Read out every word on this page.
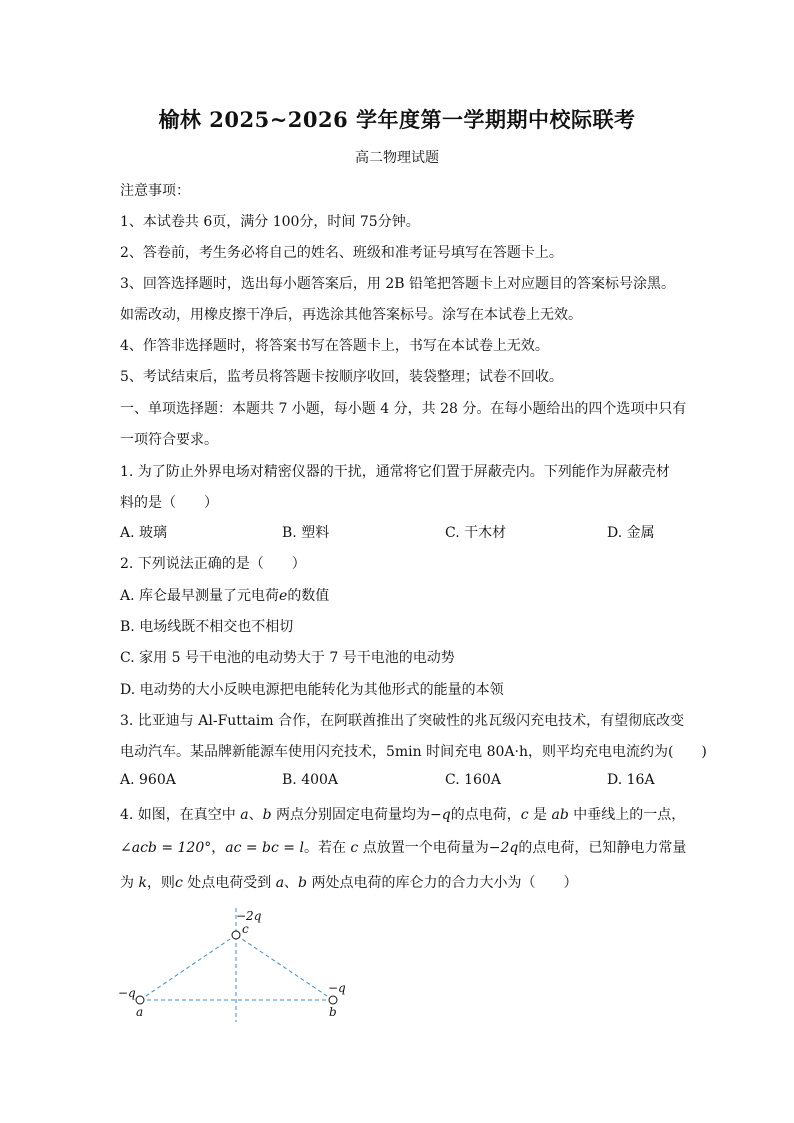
榆林 2025~2026 学年度第一学期期中校际联考
高二物理试题
注意事项：
1、本试卷共 6页，满分 100分，时间 75分钟。
2、答卷前，考生务必将自己的姓名、班级和准考证号填写在答题卡上。
3、回答选择题时，选出每小题答案后，用 2B 铅笔把答题卡上对应题目的答案标号涂黑。
如需改动，用橡皮擦干净后，再选涂其他答案标号。涂写在本试卷上无效。
4、作答非选择题时，将答案书写在答题卡上，书写在本试卷上无效。
5、考试结束后，监考员将答题卡按顺序收回，装袋整理；试卷不回收。
一、单项选择题：本题共 7 小题，每小题 4 分，共 28 分。在每小题给出的四个选项中只有
一项符合要求。
1. 为了防止外界电场对精密仪器的干扰，通常将它们置于屏蔽壳内。下列能作为屏蔽壳材
料的是（　　）
A. 玻璃	B. 塑料	C. 干木材	D. 金属
2. 下列说法正确的是（　　）
A. 库仑最早测量了元电荷e的数值
B. 电场线既不相交也不相切
C. 家用 5 号干电池的电动势大于 7 号干电池的电动势
D. 电动势的大小反映电源把电能转化为其他形式的能量的本领
3. 比亚迪与 Al-Futtaim 合作，在阿联酋推出了突破性的兆瓦级闪充电技术，有望彻底改变
电动汽车。某品牌新能源车使用闪充技术，5min 时间充电 80A·h，则平均充电电流约为(　　)
A. 960A	B. 400A	C. 160A	D. 16A
4. 如图，在真空中 a、b 两点分别固定电荷量均为−q的点电荷，c 是 ab 中垂线上的一点，
∠acb = 120°，ac = bc = l。若在 c 点放置一个电荷量为−2q的点电荷，已知静电力常量
为 k，则c 处点电荷受到 a、b 两处点电荷的库仑力的合力大小为（　　）
−2q
c
−q
a
−q
b
